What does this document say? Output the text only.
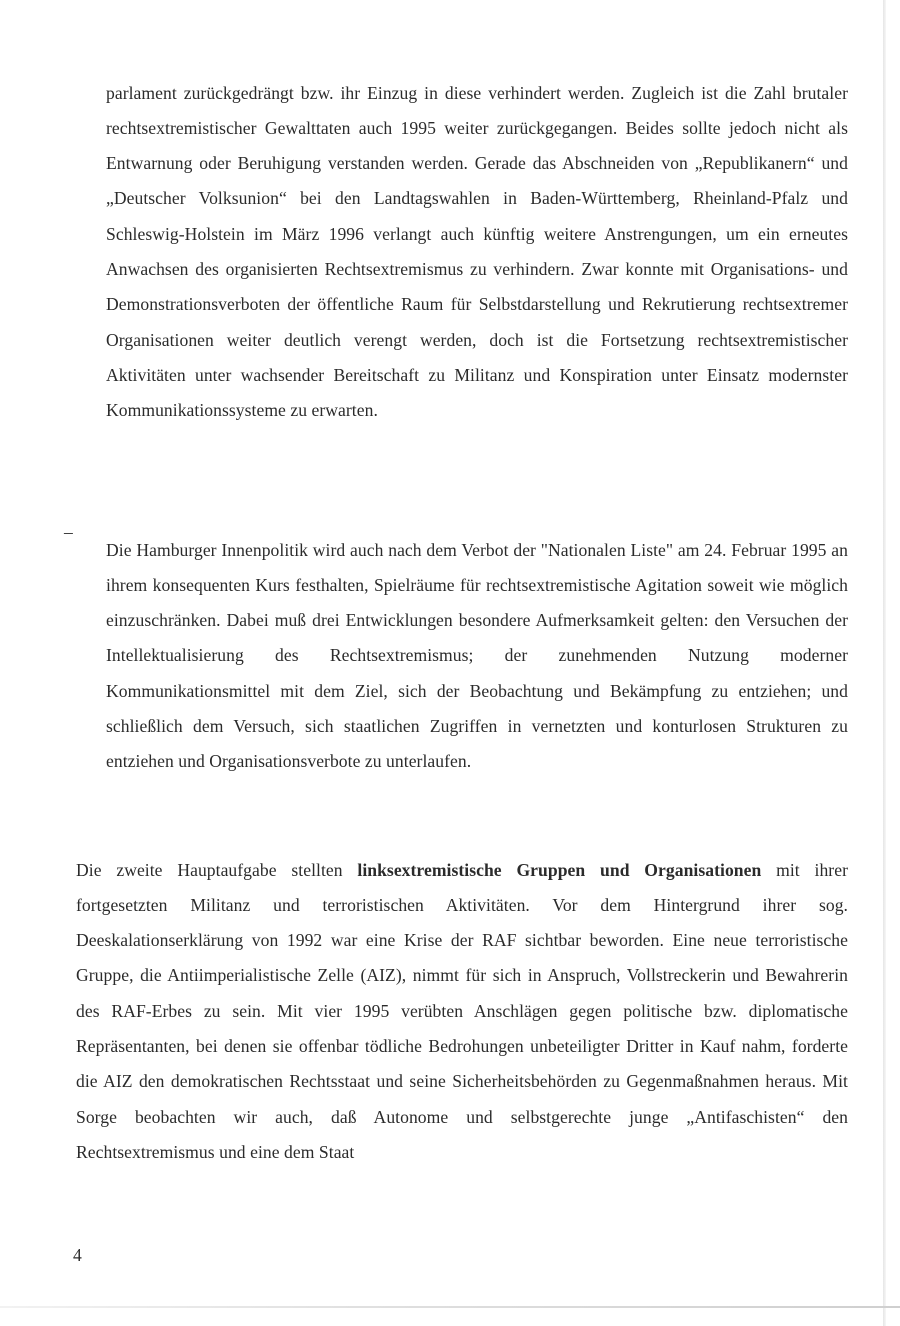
parlament zurückgedrängt bzw. ihr Einzug in diese verhindert werden. Zugleich ist die Zahl brutaler rechtsextremistischer Gewalttaten auch 1995 weiter zurückgegangen. Beides sollte jedoch nicht als Entwarnung oder Beruhigung verstanden werden. Gerade das Abschneiden von „Republikanern“ und „Deutscher Volksunion“ bei den Landtagswahlen in Baden-Württemberg, Rheinland-Pfalz und Schleswig-Holstein im März 1996 verlangt auch künftig weitere Anstrengungen, um ein erneutes Anwachsen des organisierten Rechtsextremismus zu verhindern. Zwar konnte mit Organisations- und Demonstrationsverboten der öffentliche Raum für Selbstdarstellung und Rekrutierung rechtsextremer Organisationen weiter deutlich verengt werden, doch ist die Fortsetzung rechtsextremistischer Aktivitäten unter wachsender Bereitschaft zu Militanz und Konspiration unter Einsatz modernster Kommunikationssysteme zu erwarten.

–

Die Hamburger Innenpolitik wird auch nach dem Verbot der "Nationalen Liste" am 24. Februar 1995 an ihrem konsequenten Kurs festhalten, Spielräume für rechtsextremistische Agitation soweit wie möglich einzuschränken. Dabei muß drei Entwicklungen besondere Aufmerksamkeit gelten: den Versuchen der Intellektualisierung des Rechtsextremismus; der zunehmenden Nutzung moderner Kommunikationsmittel mit dem Ziel, sich der Beobachtung und Bekämpfung zu entziehen; und schließlich dem Versuch, sich staatlichen Zugriffen in vernetzten und konturlosen Strukturen zu entziehen und Organisationsverbote zu unterlaufen.

Die zweite Hauptaufgabe stellten linksextremistische Gruppen und Organisationen mit ihrer fortgesetzten Militanz und terroristischen Aktivitäten. Vor dem Hintergrund ihrer sog. Deeskalationserklärung von 1992 war eine Krise der RAF sichtbar beworden. Eine neue terroristische Gruppe, die Antiimperialistische Zelle (AIZ), nimmt für sich in Anspruch, Vollstreckerin und Bewahrerin des RAF-Erbes zu sein. Mit vier 1995 verübten Anschlägen gegen politische bzw. diplomatische Repräsentanten, bei denen sie offenbar tödliche Bedrohungen unbeteiligter Dritter in Kauf nahm, forderte die AIZ den demokratischen Rechtsstaat und seine Sicherheitsbehörden zu Gegenmaßnahmen heraus. Mit Sorge beobachten wir auch, daß Autonome und selbstgerechte junge „Antifaschisten“ den Rechtsextremismus und eine dem Staat

4
